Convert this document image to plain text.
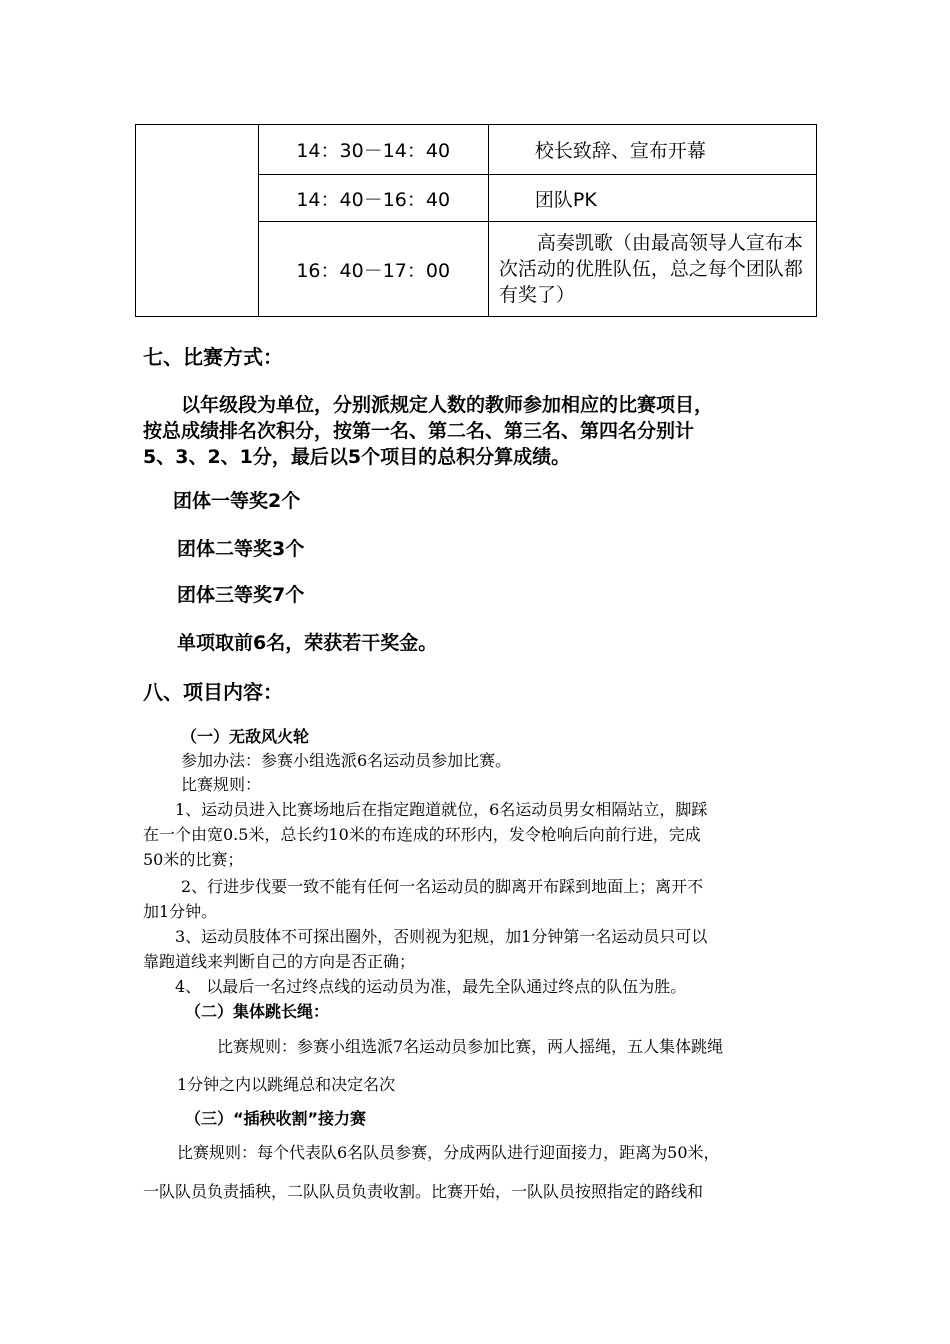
	14：30－14：40	校长致辞、宣布开幕

	14：40－16：40	团队PK

	16：40－17：00	高奏凯歌（由最高领导人宣布本次活动的优胜队伍，总之每个团队都有奖了）
七、比赛方式：
以年级段为单位，分别派规定人数的教师参加相应的比赛项目，
按总成绩排名次积分，按第一名、第二名、第三名、第四名分别计
5、3、2、1分，最后以5个项目的总积分算成绩。
团体一等奖2个
团体二等奖3个
团体三等奖7个
单项取前6名，荣获若干奖金。
八、项目内容：
（一）无敌风火轮
参加办法：参赛小组选派6名运动员参加比赛。
比赛规则：
1、运动员进入比赛场地后在指定跑道就位，6名运动员男女相隔站立，脚踩
在一个由宽0.5米，总长约10米的布连成的环形内，发令枪响后向前行进，完成
50米的比赛；
2、行进步伐要一致不能有任何一名运动员的脚离开布踩到地面上；离开不
加1分钟。
3、运动员肢体不可探出圈外，否则视为犯规，加1分钟第一名运动员只可以
靠跑道线来判断自己的方向是否正确；
4、 以最后一名过终点线的运动员为准，最先全队通过终点的队伍为胜。
（二）集体跳长绳：
比赛规则：参赛小组选派7名运动员参加比赛，两人摇绳，五人集体跳绳
1分钟之内以跳绳总和决定名次
（三）“插秧收割”接力赛
比赛规则：每个代表队6名队员参赛，分成两队进行迎面接力，距离为50米，
一队队员负责插秧，二队队员负责收割。比赛开始，一队队员按照指定的路线和
